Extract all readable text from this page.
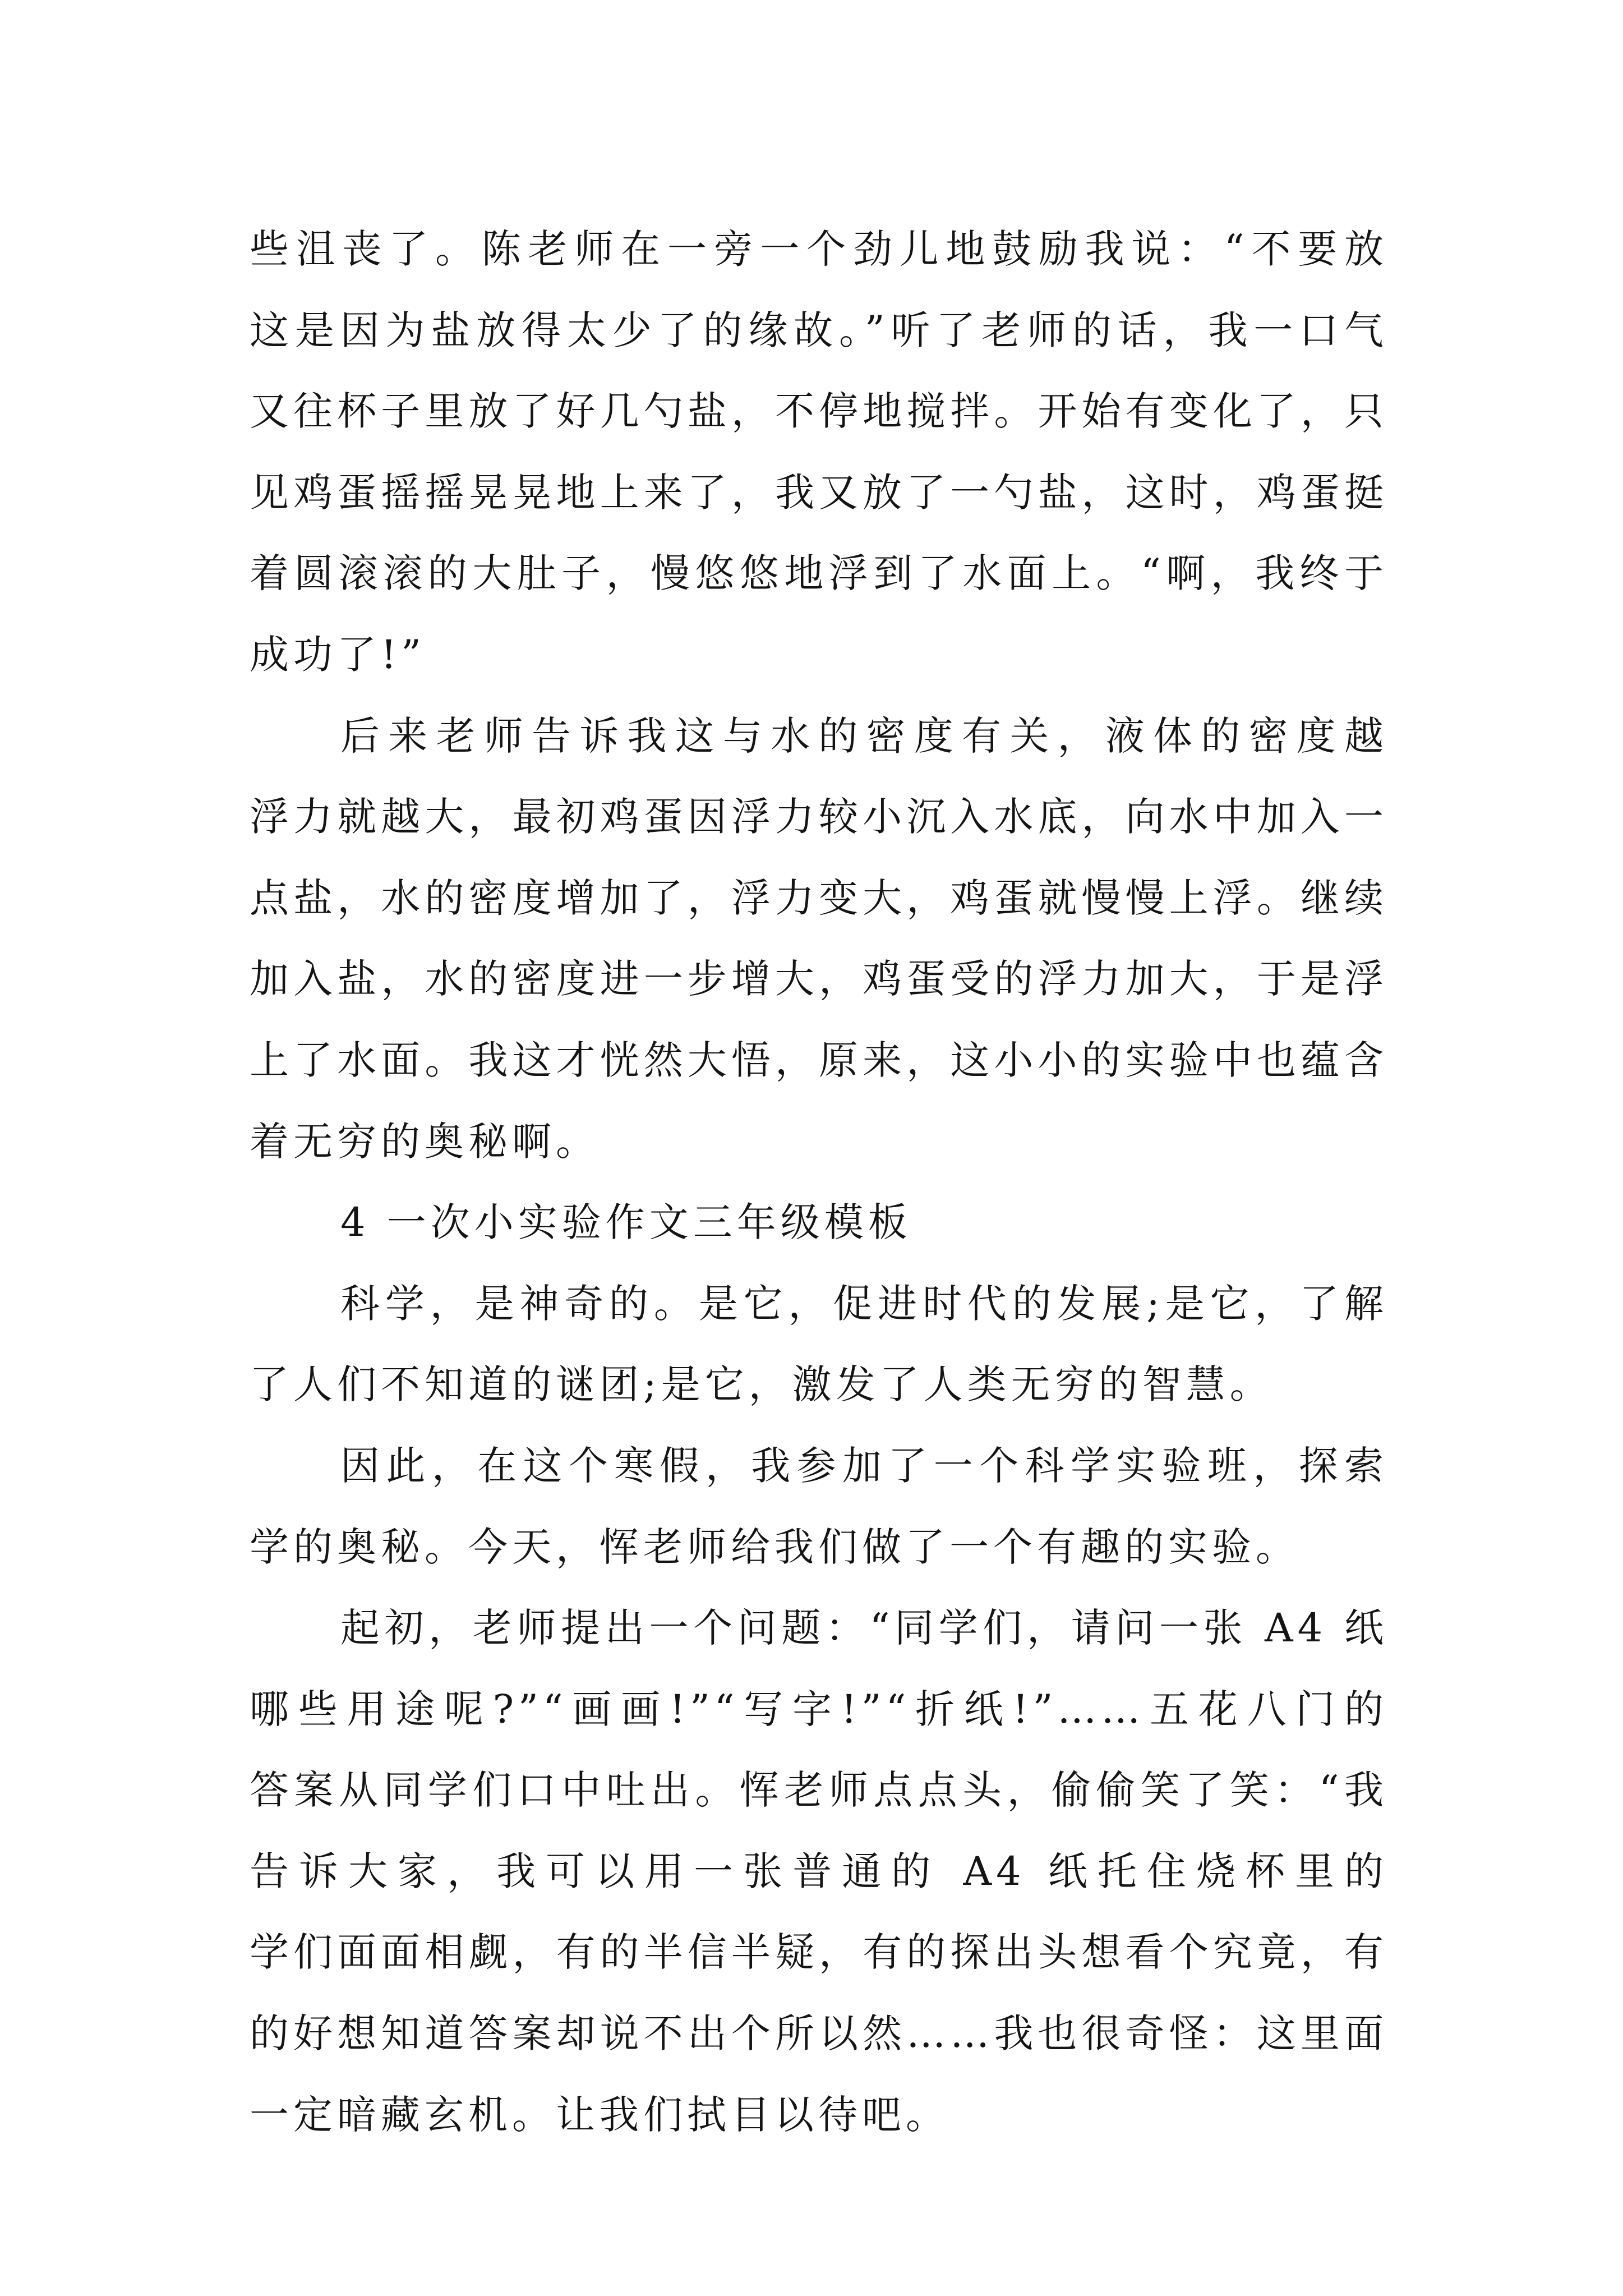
些沮丧了。陈老师在一旁一个劲儿地鼓励我说：“不要放
这是因为盐放得太少了的缘故。”听了老师的话，我一口气
又往杯子里放了好几勺盐，不停地搅拌。开始有变化了，只
见鸡蛋摇摇晃晃地上来了，我又放了一勺盐，这时，鸡蛋挺
着圆滚滚的大肚子，慢悠悠地浮到了水面上。“啊，我终于
成功了!”
后来老师告诉我这与水的密度有关，液体的密度越
浮力就越大，最初鸡蛋因浮力较小沉入水底，向水中加入一
点盐，水的密度增加了，浮力变大，鸡蛋就慢慢上浮。继续
加入盐，水的密度进一步增大，鸡蛋受的浮力加大，于是浮
上了水面。我这才恍然大悟，原来，这小小的实验中也蕴含
着无穷的奥秘啊。
4 一次小实验作文三年级模板
科学，是神奇的。是它，促进时代的发展;是它，了解
了人们不知道的谜团;是它，激发了人类无穷的智慧。
因此，在这个寒假，我参加了一个科学实验班，探索
学的奥秘。今天，恽老师给我们做了一个有趣的实验。
起初，老师提出一个问题：“同学们，请问一张 A4 纸
哪些用途呢?”“画画!”“写字!”“折纸!”……五花八门的
答案从同学们口中吐出。恽老师点点头，偷偷笑了笑：“我
告诉大家，我可以用一张普通的 A4 纸托住烧杯里的
学们面面相觑，有的半信半疑，有的探出头想看个究竟，有
的好想知道答案却说不出个所以然……我也很奇怪：这里面
一定暗藏玄机。让我们拭目以待吧。
